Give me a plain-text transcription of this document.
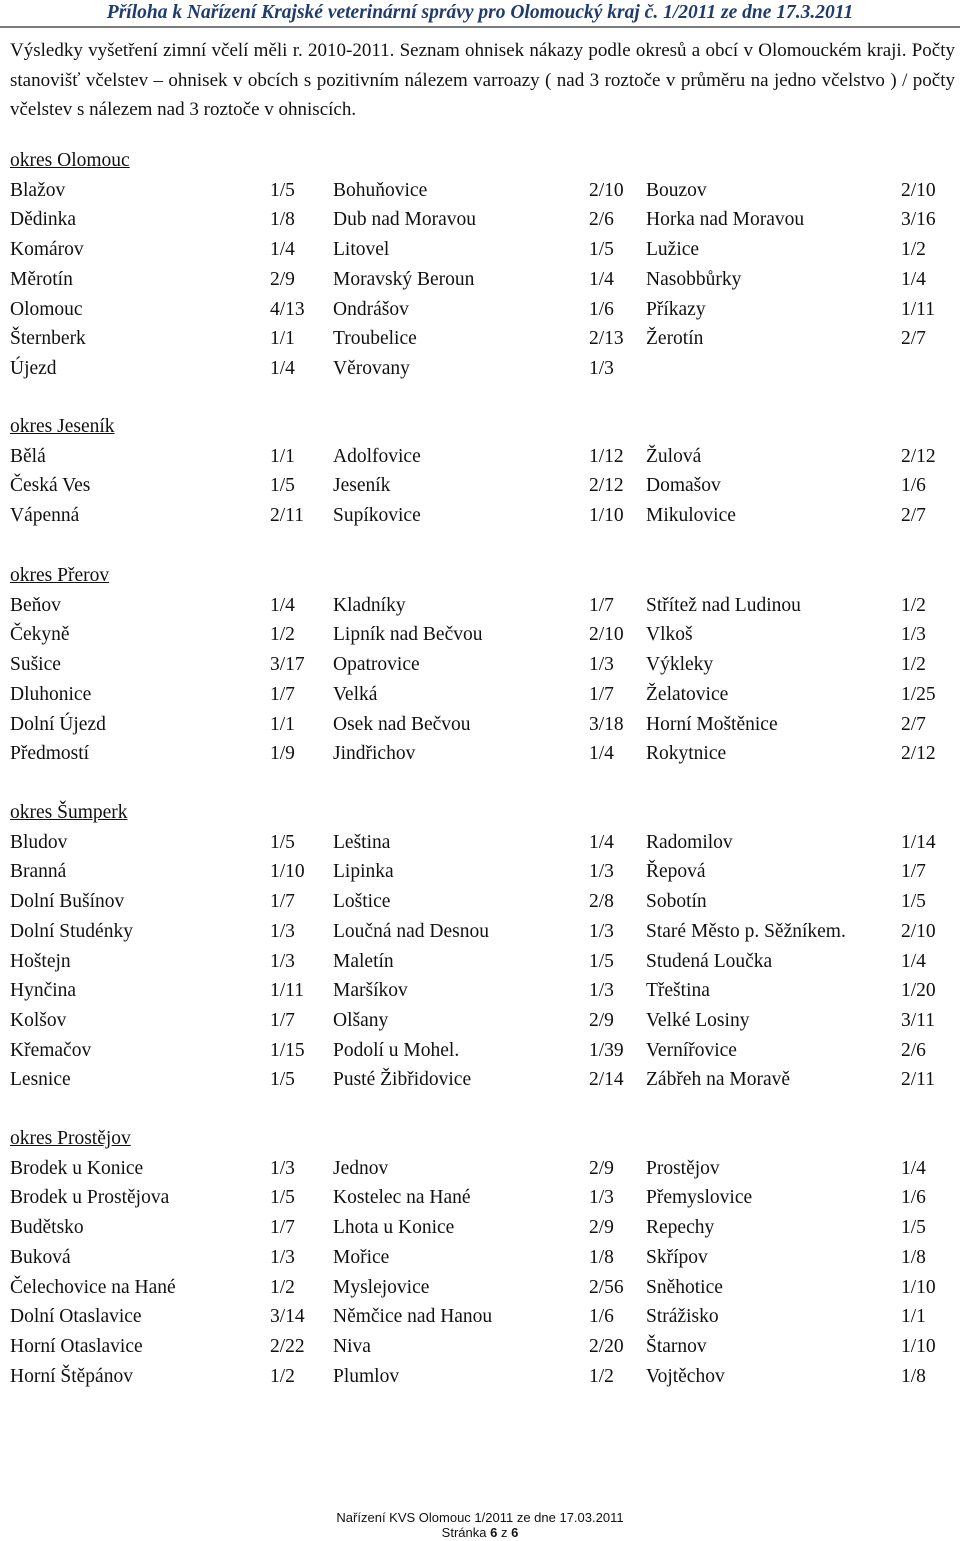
Příloha k Nařízení Krajské veterinární správy pro Olomoucký kraj č. 1/2011 ze dne 17.3.2011

Výsledky vyšetření zimní včelí měli r. 2010-2011. Seznam ohnisek nákazy podle okresů a obcí v Olomouckém kraji. Počty stanovišť včelstev – ohnisek v obcích s pozitivním nálezem varroazy ( nad 3 roztoče v průměru na jedno včelstvo ) / počty včelstev s nálezem nad 3 roztoče v ohniscích.

okres Olomouc
Blažov	1/5 Bohuňovice	2/10 Bouzov	2/10
Dědinka	1/8 Dub nad Moravou	2/6 Horka nad Moravou	3/16
Komárov	1/4 Litovel	1/5 Lužice	1/2
Měrotín	2/9 Moravský Beroun	1/4 Nasobbůrky	1/4
Olomouc	4/13 Ondrášov	1/6 Příkazy	1/11
Šternberk	1/1 Troubelice	2/13 Žerotín	2/7
Újezd	1/4 Věrovany	1/3
okres Jeseník
Bělá	1/1 Adolfovice	1/12 Žulová	2/12
Česká Ves	1/5 Jeseník	2/12 Domašov	1/6
Vápenná	2/11 Supíkovice	1/10 Mikulovice	2/7
okres Přerov
Beňov	1/4 Kladníky	1/7 Střítež nad Ludinou	1/2
Čekyně	1/2 Lipník nad Bečvou	2/10 Vlkoš	1/3
Sušice	3/17 Opatrovice	1/3 Výkleky	1/2
Dluhonice	1/7 Velká	1/7 Želatovice	1/25
Dolní Újezd	1/1 Osek nad Bečvou	3/18 Horní Moštěnice	2/7
Předmostí	1/9 Jindřichov	1/4 Rokytnice	2/12
okres Šumperk
Bludov	1/5 Leština	1/4 Radomilov	1/14
Branná	1/10 Lipinka	1/3 Řepová	1/7
Dolní Bušínov	1/7 Loštice	2/8 Sobotín	1/5
Dolní Studénky	1/3 Loučná nad Desnou	1/3 Staré Město p. Sěžníkem.	2/10
Hoštejn	1/3 Maletín	1/5 Studená Loučka	1/4
Hynčina	1/11 Maršíkov	1/3 Třeština	1/20
Kolšov	1/7 Olšany	2/9 Velké Losiny	3/11
Křemačov	1/15 Podolí u Mohel.	1/39 Vernířovice	2/6
Lesnice	1/5 Pusté Žibřidovice	2/14 Zábřeh na Moravě	2/11
okres Prostějov
Brodek u Konice	1/3 Jednov	2/9 Prostějov	1/4
Brodek u Prostějova	1/5 Kostelec na Hané	1/3 Přemyslovice	1/6
Budětsko	1/7 Lhota u Konice	2/9 Repechy	1/5
Buková	1/3 Mořice	1/8 Skřípov	1/8
Čelechovice na Hané	1/2 Myslejovice	2/56 Sněhotice	1/10
Dolní Otaslavice	3/14 Němčice nad Hanou	1/6 Strážisko	1/1
Horní Otaslavice	2/22 Niva	2/20 Štarnov	1/10
Horní Štěpánov	1/2 Plumlov	1/2 Vojtěchov	1/8
Nařízení KVS Olomouc 1/2011 ze dne 17.03.2011
Stránka 6 z 6
